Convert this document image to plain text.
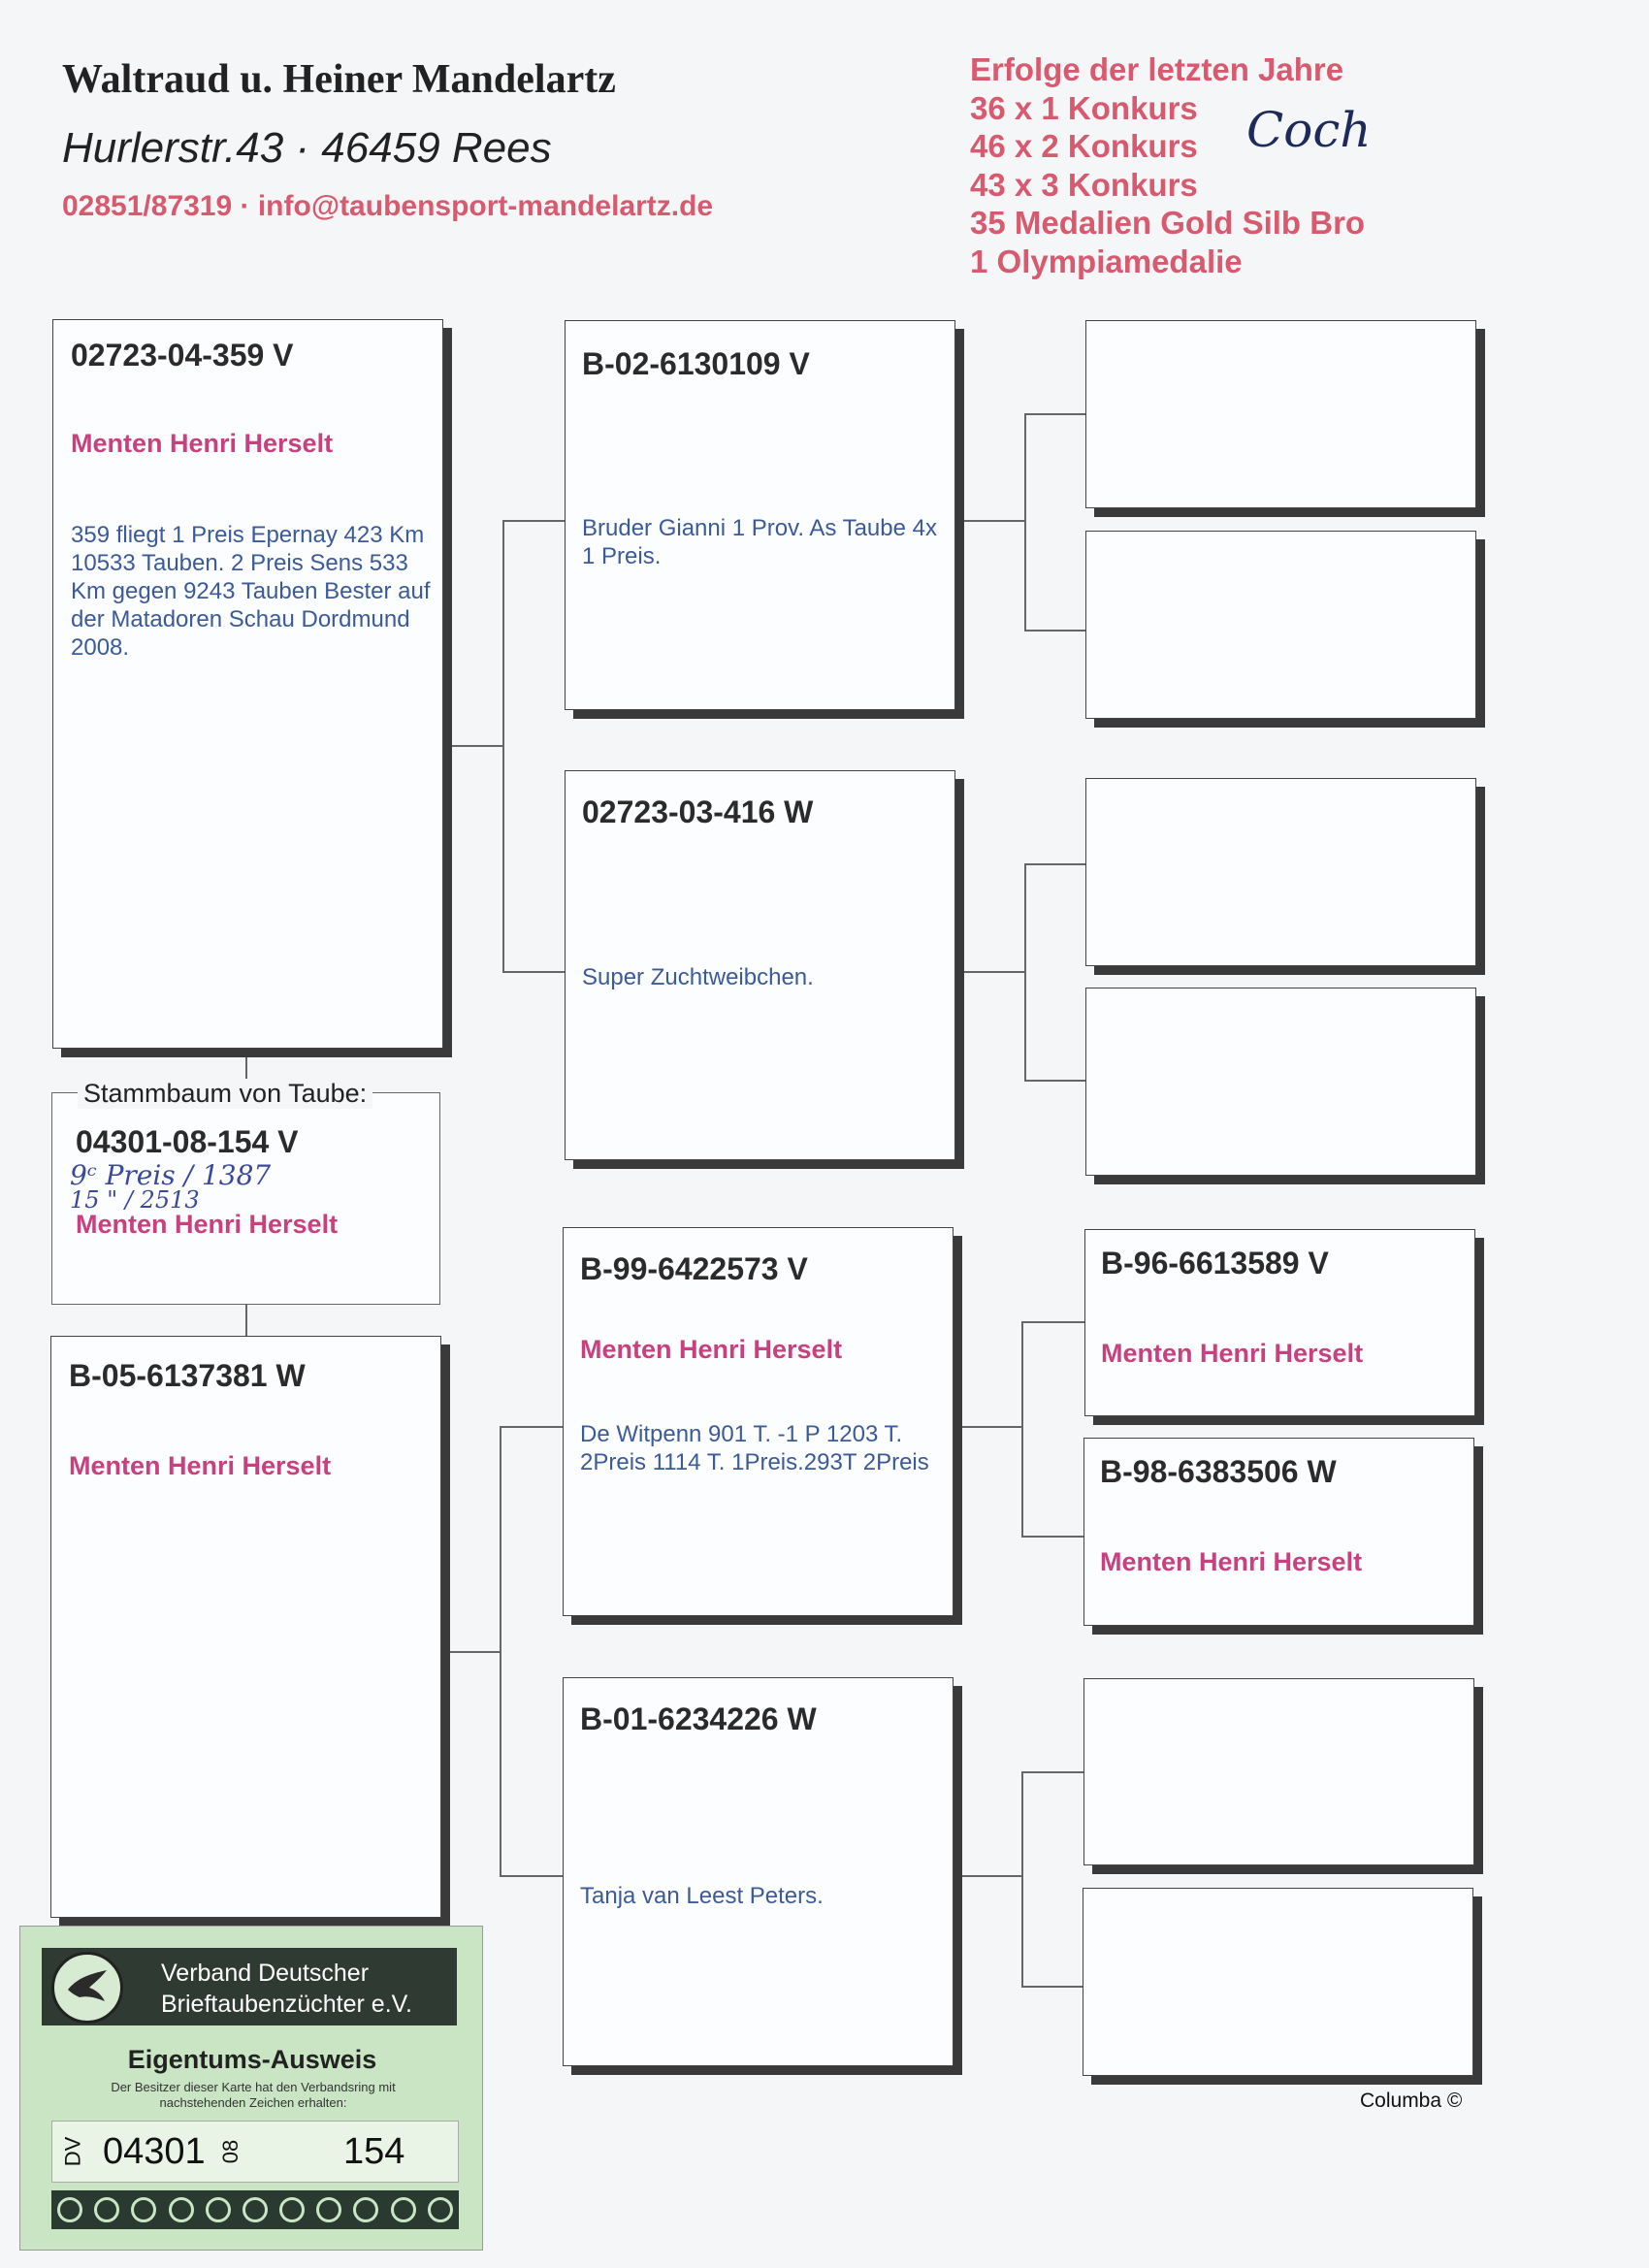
Waltraud u. Heiner Mandelartz
Hurlerstr.43 · 46459 Rees
02851/87319 · info@taubensport-mandelartz.de
Erfolge der letzten Jahre
36 x 1 Konkurs
46 x 2 Konkurs
43 x 3 Konkurs
35 Medalien Gold Silb Bro
1 Olympiamedalie
Coch
02723-04-359 V
Menten Henri Herselt
359 fliegt 1 Preis Epernay 423 Km 10533 Tauben. 2 Preis Sens 533 Km gegen 9243 Tauben Bester auf der Matadoren Schau Dordmund 2008.
04301-08-154 V
9ᶜ Preis / 1387
15 " / 2513
Menten Henri Herselt
Stammbaum von Taube:
B-05-6137381 W
Menten Henri Herselt
B-02-6130109 V
Bruder Gianni 1 Prov. As Taube 4x 1 Preis.
02723-03-416 W
Super Zuchtweibchen.
B-99-6422573 V
Menten Henri Herselt
De Witpenn 901 T. -1 P 1203 T. 2Preis 1114 T. 1Preis.293T 2Preis
B-01-6234226 W
Tanja van Leest Peters.
B-96-6613589 V
Menten Henri Herselt
B-98-6383506 W
Menten Henri Herselt
Columba ©
Verband Deutscher
Brieftaubenzüchter e.V.
Eigentums-Ausweis
Der Besitzer dieser Karte hat den Verbandsring mit nachstehenden Zeichen erhalten:
DV 04301 08	154
